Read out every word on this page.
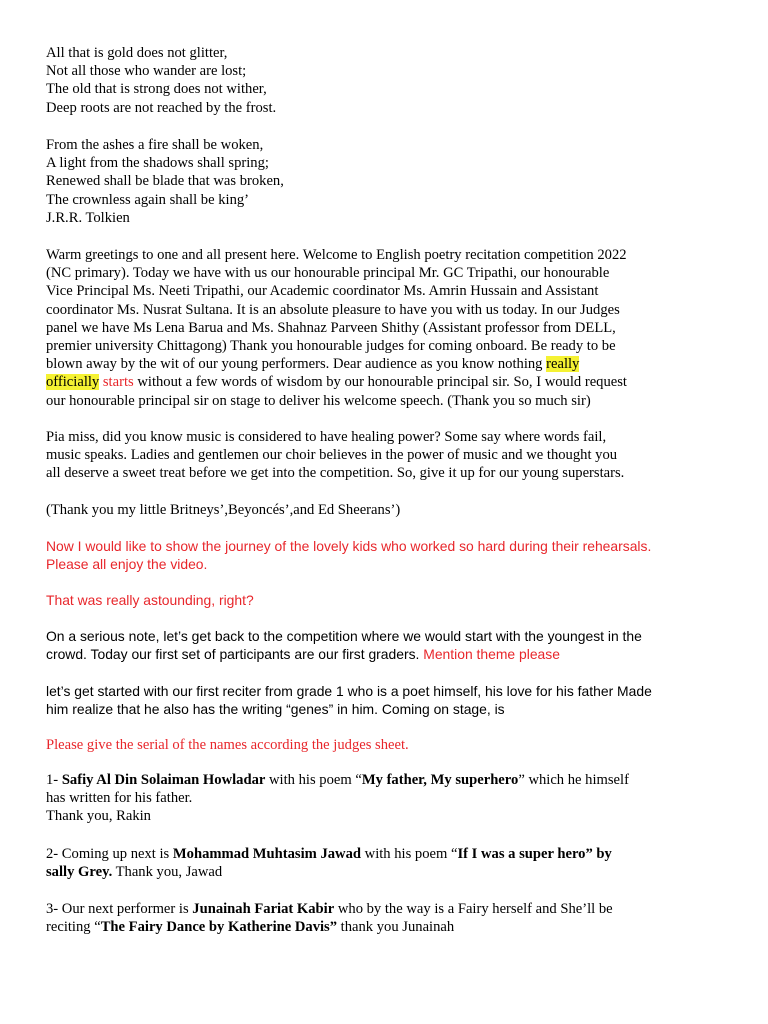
All that is gold does not glitter,
Not all those who wander are lost;
The old that is strong does not wither,
Deep roots are not reached by the frost.
From the ashes a fire shall be woken,
A light from the shadows shall spring;
Renewed shall be blade that was broken,
The crownless again shall be king’
J.R.R. Tolkien
Warm greetings to one and all present here. Welcome to English poetry recitation competition 2022
(NC primary). Today we have with us our honourable principal Mr. GC Tripathi, our honourable
Vice Principal Ms. Neeti Tripathi, our Academic coordinator Ms. Amrin Hussain and Assistant
coordinator Ms. Nusrat Sultana. It is an absolute pleasure to have you with us today. In our Judges
panel we have Ms Lena Barua and Ms. Shahnaz Parveen Shithy (Assistant professor from DELL,
premier university Chittagong) Thank you honourable judges for coming onboard. Be ready to be
blown away by the wit of our young performers. Dear audience as you know nothing really
officially starts without a few words of wisdom by our honourable principal sir. So, I would request
our honourable principal sir on stage to deliver his welcome speech. (Thank you so much sir)
Pia miss, did you know music is considered to have healing power? Some say where words fail,
music speaks. Ladies and gentlemen our choir believes in the power of music and we thought you
all deserve a sweet treat before we get into the competition. So, give it up for our young superstars.
(Thank you my little Britneys’,Beyoncés’,and Ed Sheerans’)
Now I would like to show the journey of the lovely kids who worked so hard during their rehearsals.
Please all enjoy the video.
That was really astounding, right?
On a serious note, let’s get back to the competition where we would start with the youngest in the
crowd. Today our first set of participants are our first graders. Mention theme please
let’s get started with our first reciter from grade 1 who is a poet himself, his love for his father Made
him realize that he also has the writing “genes” in him. Coming on stage, is
Please give the serial of the names according the judges sheet.
1- Safiy Al Din Solaiman Howladar with his poem “My father, My superhero” which he himself
has written for his father.
Thank you, Rakin
2- Coming up next is Mohammad Muhtasim Jawad with his poem “If I was a super hero” by
sally Grey. Thank you, Jawad
3- Our next performer is Junainah Fariat Kabir who by the way is a Fairy herself and She’ll be
reciting “The Fairy Dance by Katherine Davis” thank you Junainah
